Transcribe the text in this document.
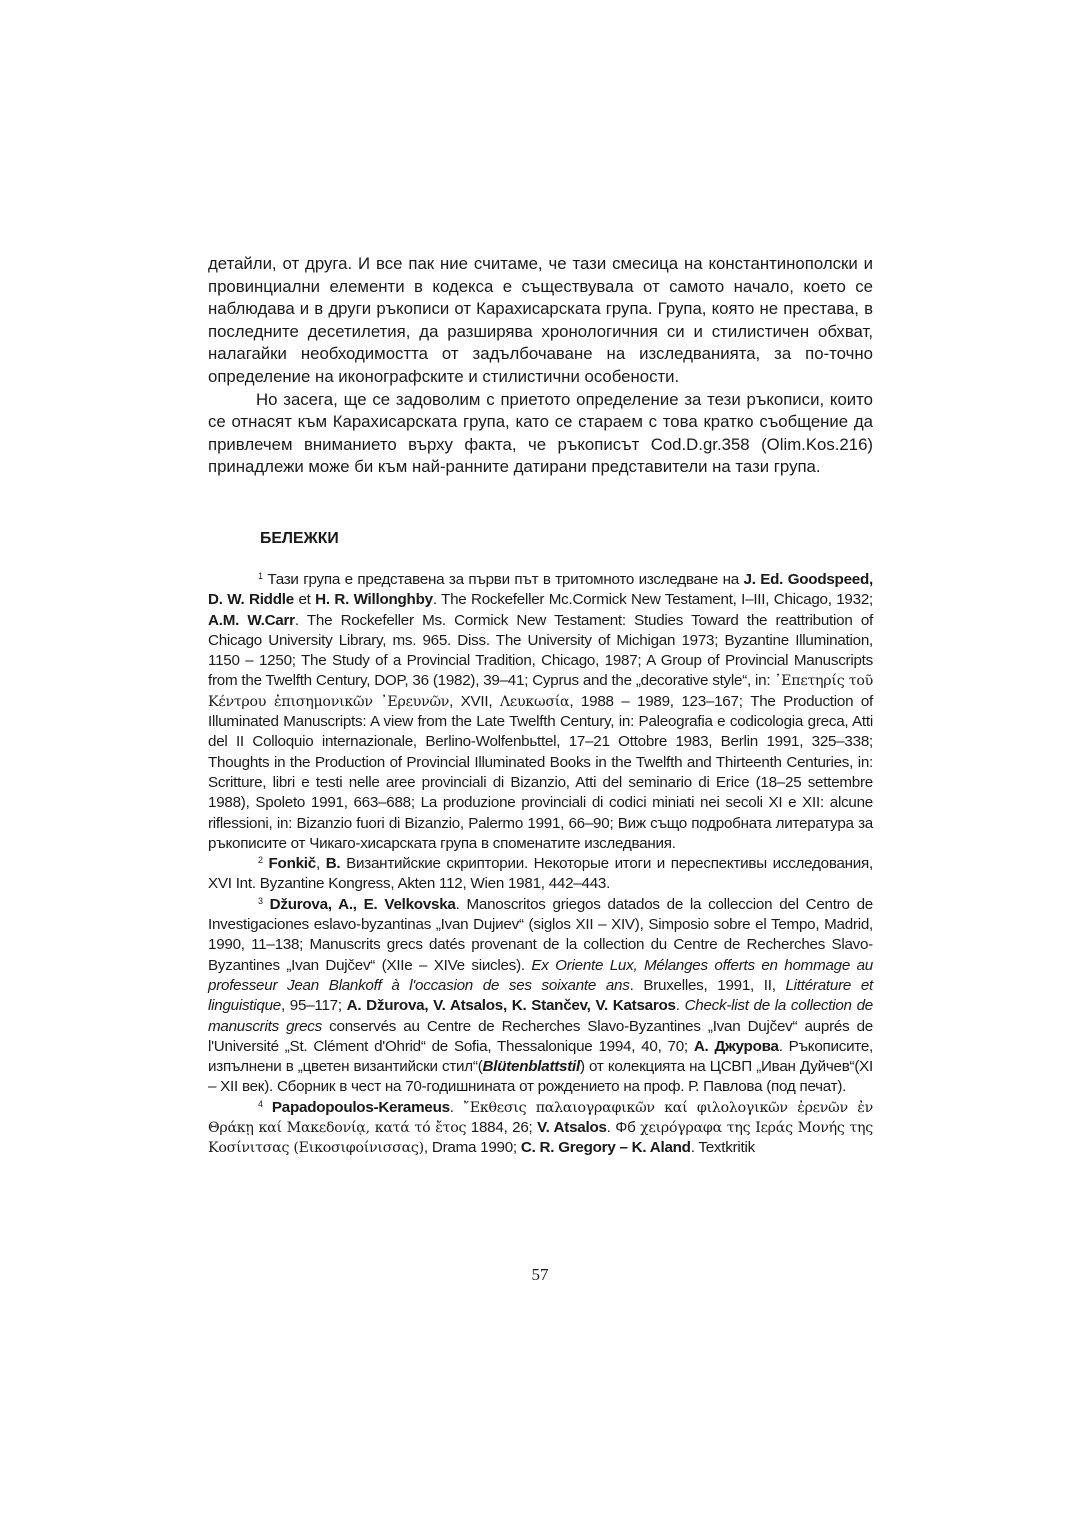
детайли, от друга. И все пак ние считаме, че тази смесица на константинополски и провинциални елементи в кодекса е съществувала от самото начало, което се наблюдава и в други ръкописи от Карахисарската група. Група, която не престава, в последните десетилетия, да разширява хронологичния си и стилистичен обхват, налагайки необходимостта от задълбочаване на изследванията, за по-точно определение на иконографските и стилистични особености.

Но засега, ще се задоволим с приетото определение за тези ръкописи, които се отнасят към Карахисарската група, като се стараем с това кратко съобщение да привлечем вниманието върху факта, че ръкописът Cod.D.gr.358 (Olim.Kos.216) принадлежи може би към най-ранните датирани представители на тази група.

БЕЛЕЖКИ

$^1$ Тази група е представена за първи път в тритомното изследване на J. Ed. Goodspeed, D. W. Riddle et H. R. Willonghby. The Rockefeller Mc.Cormick New Testament, I–III, Chicago, 1932; A.M. W.Carr. The Rockefeller Ms. Cormick New Testament: Studies Toward the reattribution of Chicago University Library, ms. 965. Diss. The University of Michigan 1973; Byzantine Illumination, 1150 – 1250; The Study of a Provincial Tradition, Chicago, 1987; A Group of Provincial Manuscripts from the Twelfth Century, DOP, 36 (1982), 39–41; Cyprus and the „decorative style“, in: ᾿Επετηρίς τοῦ Κέντρου ἐπισημονικῶν ᾿Ερευνῶν, XVII, Λευκωσία, 1988 – 1989, 123–167; The Production of Illuminated Manuscripts: A view from the Late Twelfth Century, in: Paleografia e codicologia greca, Atti del II Colloquio internazionale, Berlino-Wolfenbьttel, 17–21 Ottobre 1983, Berlin 1991, 325–338; Thoughts in the Production of Provincial Illuminated Books in the Twelfth and Thirteenth Centuries, in: Scritture, libri e testi nelle aree provinciali di Bizanzio, Atti del seminario di Erice (18–25 settembre 1988), Spoleto 1991, 663–688; La produzione provinciali di codici miniati nei secoli XI e XII: alcune riflessioni, in: Bizanzio fuori di Bizanzio, Palermo 1991, 66–90; Виж също подробната литература за ръкописите от Чикаго-хисарската група в споменатите изследвания.

$^2$ Fonkič, B. Византийские скриптории. Некоторые итоги и переспективы исследования, XVI Int. Byzantine Kongress, Akten 112, Wien 1981, 442–443.

$^3$ Džurova, A., E. Velkovska. Manoscritos griegos datados de la colleccion del Centro de Investigaciones eslavo-byzantinas „Ivan Dujиev“ (siglos XII – XIV), Simposio sobre el Tempo, Madrid, 1990, 11–138; Manuscrits grecs datés provenant de la collection du Centre de Recherches Slavo-Byzantines „Ivan Dujčev“ (XIIe – XIVe siиcles). Ex Oriente Lux, Mélanges offerts en hommage au professeur Jean Blankoff à l'occasion de ses soixante ans. Bruxelles, 1991, II, Littérature et linguistique, 95–117; A. Džurova, V. Atsalos, K. Stančev, V. Katsaros. Check-list de la collection de manuscrits grecs conservés au Centre de Recherches Slavo-Byzantines „Ivan Dujčev“ auprés de l'Université „St. Clément d'Ohrid“ de Sofia, Thessalonique 1994, 40, 70; А. Джурова. Ръкописите, изпълнени в „цветен византийски стил“(Blütenblattstil) от колекцията на ЦСВП „Иван Дуйчев“(XI – XII век). Сборник в чест на 70-годишнината от рождението на проф. Р. Павлова (под печат).

$^4$ Papadopoulos-Kerameus. ῎Εκθεσις παλαιογραφικῶν καί φιλολογικῶν ἐρενῶν ἐν Θράκῃ καί Μακεδονίᾳ, κατά τό ἔτος 1884, 26; V. Atsalos. Φб χειρόγραφα της Ιεράς Μονής της Κοσίνιτσας (Εικοσιφοίνισσας), Drama 1990; C. R. Gregory – K. Aland. Textkritik

57
